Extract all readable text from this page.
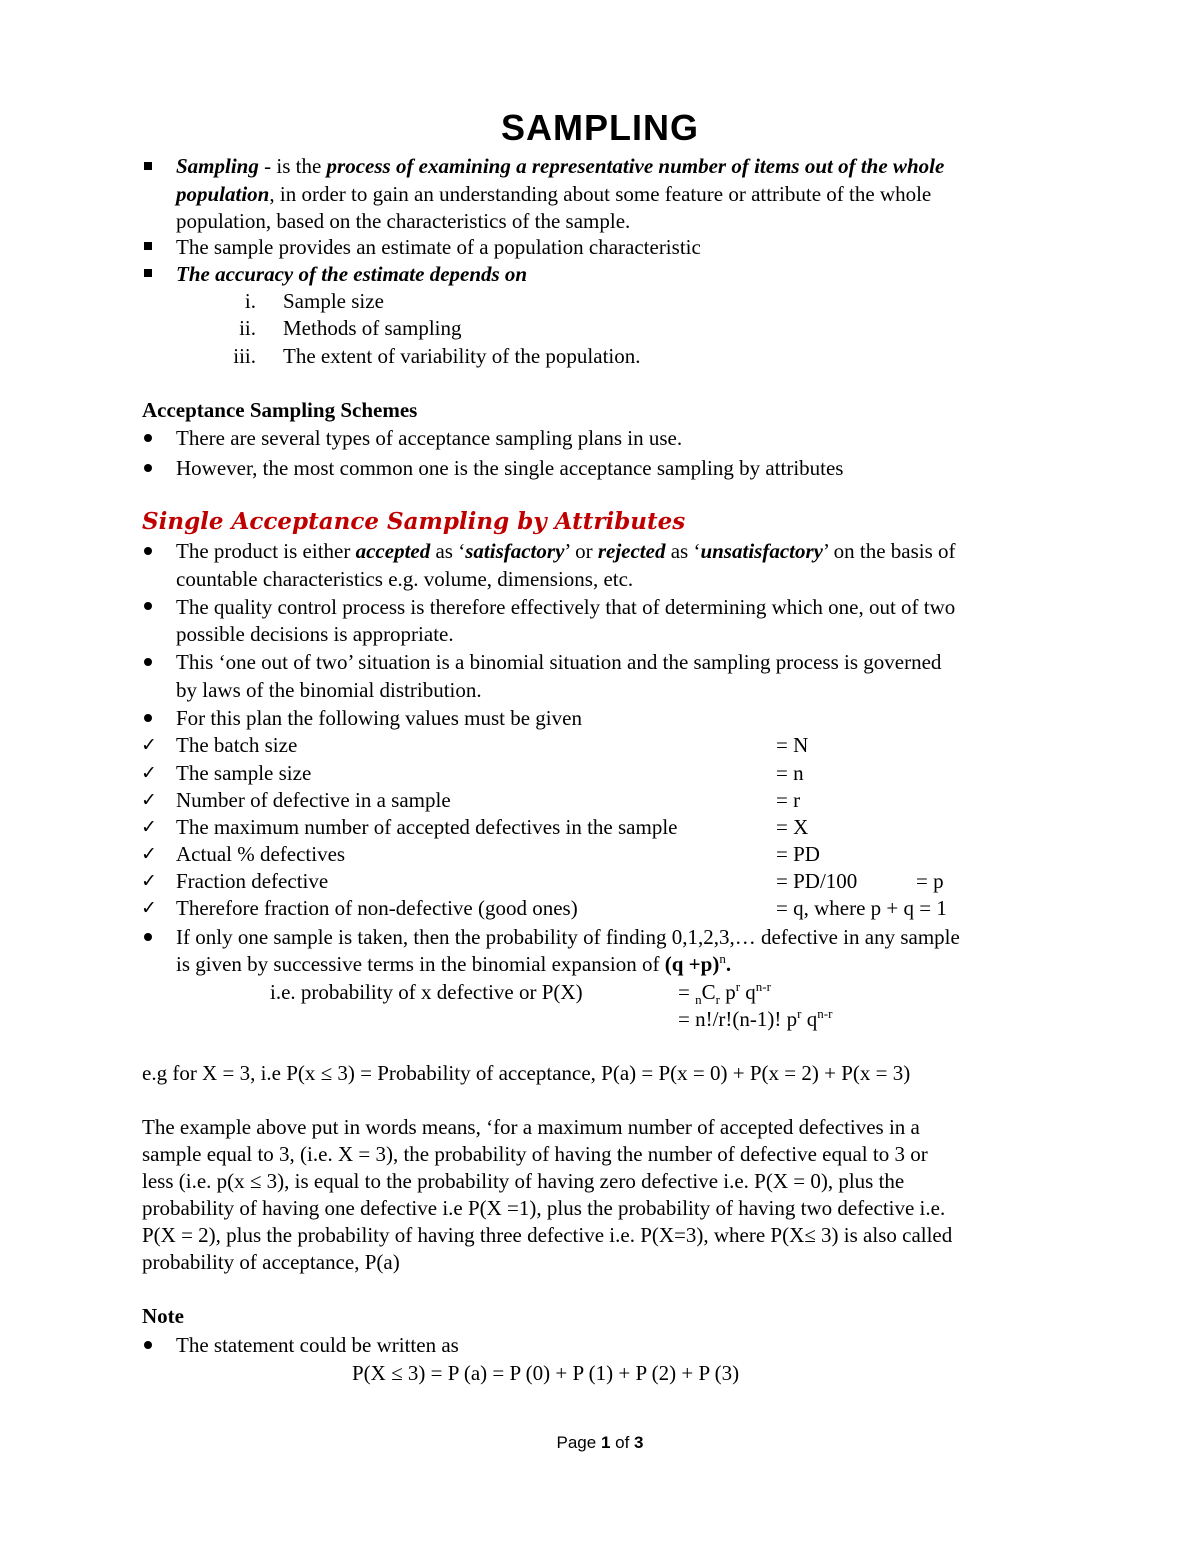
SAMPLING
Sampling - is the process of examining a representative number of items out of the whole
population, in order to gain an understanding about some feature or attribute of the whole
population, based on the characteristics of the sample.
The sample provides an estimate of a population characteristic
The accuracy of the estimate depends on
i. Sample size
ii. Methods of sampling
iii. The extent of variability of the population.
Acceptance Sampling Schemes
There are several types of acceptance sampling plans in use.
However, the most common one is the single acceptance sampling by attributes
Single Acceptance Sampling by Attributes
The product is either accepted as ‘satisfactory’ or rejected as ‘unsatisfactory’ on the basis of
countable characteristics e.g. volume, dimensions, etc.
The quality control process is therefore effectively that of determining which one, out of two
possible decisions is appropriate.
This ‘one out of two’ situation is a binomial situation and the sampling process is governed
by laws of the binomial distribution.
For this plan the following values must be given
✓ The batch size	= N
✓ The sample size	= n
✓ Number of defective in a sample	= r
✓ The maximum number of accepted defectives in the sample	= X
✓ Actual % defectives	= PD
✓ Fraction defective	= PD/100	= p
✓ Therefore fraction of non-defective (good ones)	= q, where p + q = 1
If only one sample is taken, then the probability of finding 0,1,2,3,… defective in any sample
is given by successive terms in the binomial expansion of $(q +p)^n$.
i.e. probability of x defective or P(X)	= $_nC_r$ $p^r$ $q^{n-r}$
= n!/r!(n-1)! $p^r$ $q^{n-r}$
e.g for X = 3, i.e P(x ≤ 3) = Probability of acceptance, P(a) = P(x = 0) + P(x = 2) + P(x = 3)
The example above put in words means, ‘for a maximum number of accepted defectives in a
sample equal to 3, (i.e. X = 3), the probability of having the number of defective equal to 3 or
less (i.e. p(x ≤ 3), is equal to the probability of having zero defective i.e. P(X = 0), plus the
probability of having one defective i.e P(X =1), plus the probability of having two defective i.e.
P(X = 2), plus the probability of having three defective i.e. P(X=3), where P(X≤ 3) is also called
probability of acceptance, P(a)
Note
The statement could be written as
P(X ≤ 3) = P (a) = P (0) + P (1) + P (2) + P (3)
Page 1 of 3
